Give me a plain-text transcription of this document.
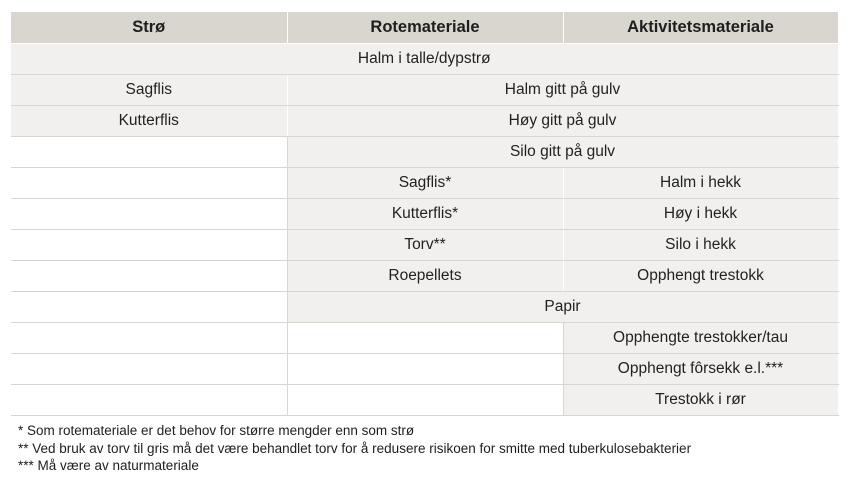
Strø	Rotemateriale	Aktivitetsmateriale
Halm i talle/dypstrø		
Sagflis	Halm gitt på gulv	
Kutterflis	Høy gitt på gulv	
	Silo gitt på gulv	
	Sagflis*	Halm i hekk
	Kutterflis*	Høy i hekk
	Torv**	Silo i hekk
	Roepellets	Opphengt trestokk
	Papir	
		Opphengte trestokker/tau
		Opphengt fôrsekk e.l.***
		Trestokk i rør
* Som rotemateriale er det behov for større mengder enn som strø
** Ved bruk av torv til gris må det være behandlet torv for å redusere risikoen for smitte med tuberkulosebakterier
*** Må være av naturmateriale
